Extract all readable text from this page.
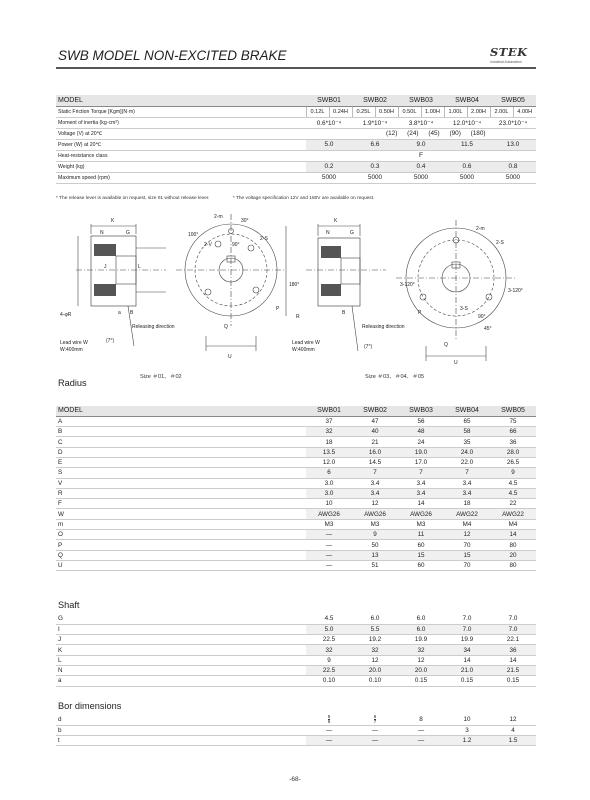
SWB MODEL NON-EXCITED BRAKE	STEK
Industrial Automation
MODEL	SWB01		SWB02		SWB03		SWB04		SWB05	
Static Friction Torque [Kgm](N·m)	0.12L	0.24H	0.25L	0.50H	0.50L	1.00H	1.00L	2.00H	2.00L	4.00H
Moment of inertia (kg·cm²)	0.6*10⁻⁴		1.9*10⁻⁴		3.8*10⁻⁴		12.0*10⁻⁴		23.0*10⁻⁴	
Voltage (V) at 20℃	(12) (24) (45) (90) (180)									
Power (W) at 20℃	5.0		6.6		9.0		11.5		13.0	
Heat-resistance class	F									
Weight (kg)	0.2		0.3		0.4		0.6		0.8	
Maximum speed (rpm)	5000		5000		5000		5000		5000	
* The release lever is available on request, size 01 without release lever.	* The voltage specification 12V and 180V are available on request.
K
N	G
J	L
a B
4-φR
Releasing direction
Lead wire W
W:400mm
(7°)
2-m
30°
100°
2-S
2-V	90°
180°
P
Q
U
K
N	G
B
R
Releasing direction
Lead wire W
W:400mm	(7°)
2-m
2-S
3-120°
3-120°
3-S
90°
45°
P
Q
U
Size ＃01、＃02	Size ＃03、＃04、＃05
Radius
MODEL	SWB01	SWB02	SWB03	SWB04	SWB05
A	37	47	56	65	75
B	32	40	48	58	66
C	18	21	24	35	36
D	13.5	16.0	19.0	24.0	28.0
E	12.0	14.5	17.0	22.0	26.5
S	6	7	7	7	9
V	3.0	3.4	3.4	3.4	4.5
R	3.0	3.4	3.4	3.4	4.5
F	10	12	14	18	22
W	AWG26	AWG26	AWG26	AWG22	AWG22
m	M3	M3	M3	M4	M4
O	—	9	11	12	14
P	—	50	60	70	80
Q	—	13	15	15	20
U	—	51	60	70	80
Shaft
G	4.5	6.0	6.0	7.0	7.0
I	5.0	5.5	6.0	7.0	7.0
J	22.5	19.2	19.9	19.9	22.1
K	32	32	32	34	36
L	9	12	12	14	14
N	22.5	20.0	20.0	21.0	21.5
a	0.10	0.10	0.15	0.15	0.15
Bor dimensions
d	$\frac{5}{6}$	$\frac{6}{7}$	8	10	12
b	—	—	—	3	4
t	—	—	—	1.2	1.5
-68-
